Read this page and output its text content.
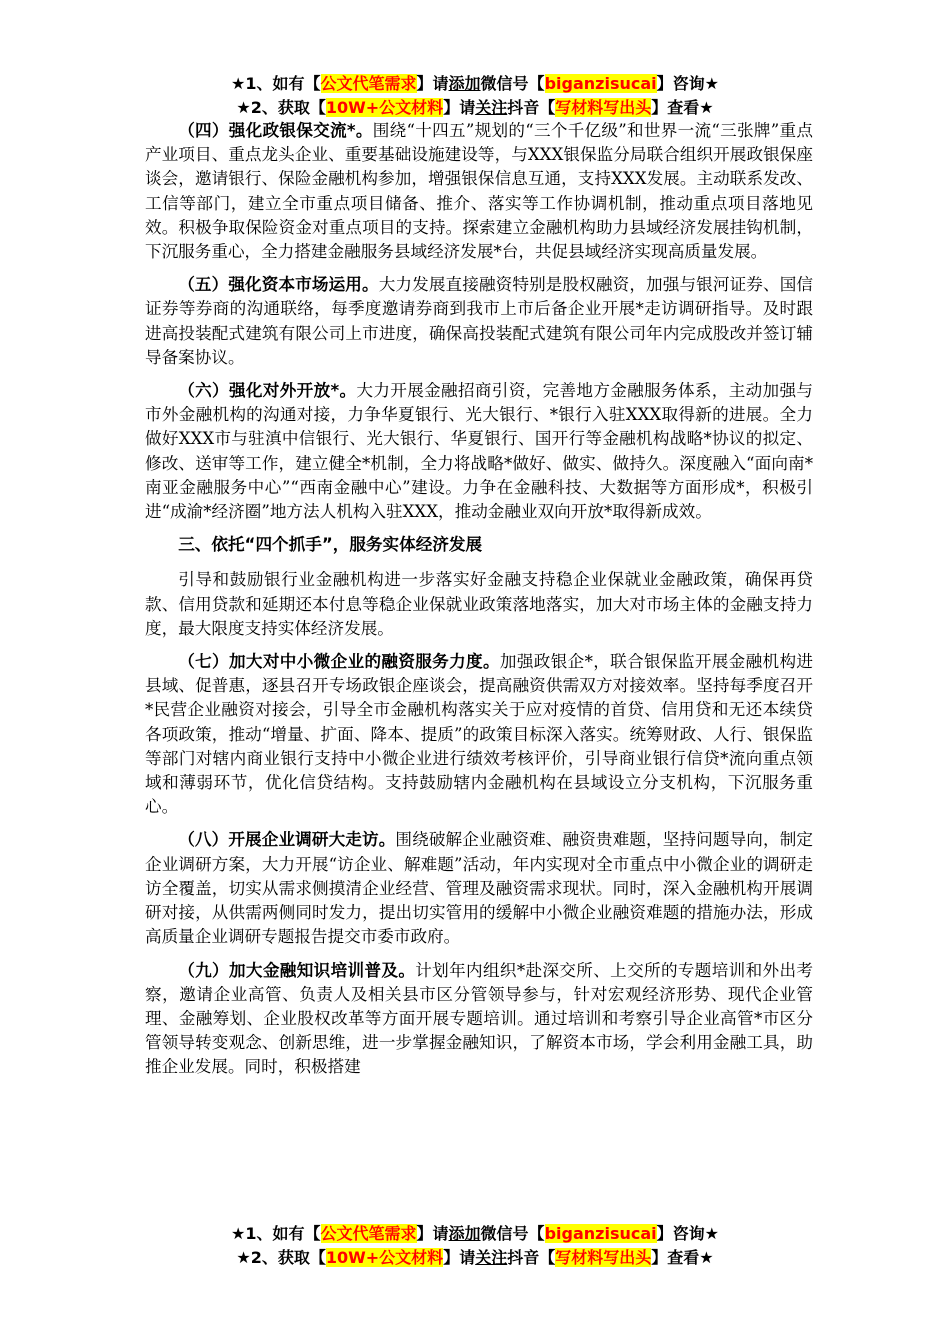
★1、如有【公文代笔需求】请添加微信号【biganzisucai】咨询★
★2、获取【10W+公文材料】请关注抖音【写材料写出头】查看★

（四）强化政银保交流*。围绕“十四五”规划的“三个千亿级”和世界一流“三张牌”重点产业项目、重点龙头企业、重要基础设施建设等，与XXX银保监分局联合组织开展政银保座谈会，邀请银行、保险金融机构参加，增强银保信息互通，支持XXX发展。主动联系发改、工信等部门，建立全市重点项目储备、推介、落实等工作协调机制，推动重点项目落地见效。积极争取保险资金对重点项目的支持。探索建立金融机构助力县域经济发展挂钩机制，下沉服务重心，全力搭建金融服务县域经济发展*台，共促县域经济实现高质量发展。

（五）强化资本市场运用。大力发展直接融资特别是股权融资，加强与银河证券、国信证券等券商的沟通联络，每季度邀请券商到我市上市后备企业开展*走访调研指导。及时跟进高投装配式建筑有限公司上市进度，确保高投装配式建筑有限公司年内完成股改并签订辅导备案协议。

（六）强化对外开放*。大力开展金融招商引资，完善地方金融服务体系，主动加强与市外金融机构的沟通对接，力争华夏银行、光大银行、*银行入驻XXX取得新的进展。全力做好XXX市与驻滇中信银行、光大银行、华夏银行、国开行等金融机构战略*协议的拟定、修改、送审等工作，建立健全*机制，全力将战略*做好、做实、做持久。深度融入“面向南*南亚金融服务中心”“西南金融中心”建设。力争在金融科技、大数据等方面形成*，积极引进“成渝*经济圈”地方法人机构入驻XXX，推动金融业双向开放*取得新成效。

三、依托“四个抓手”，服务实体经济发展

引导和鼓励银行业金融机构进一步落实好金融支持稳企业保就业金融政策，确保再贷款、信用贷款和延期还本付息等稳企业保就业政策落地落实，加大对市场主体的金融支持力度，最大限度支持实体经济发展。

（七）加大对中小微企业的融资服务力度。加强政银企*，联合银保监开展金融机构进县域、促普惠，逐县召开专场政银企座谈会，提高融资供需双方对接效率。坚持每季度召开*民营企业融资对接会，引导全市金融机构落实关于应对疫情的首贷、信用贷和无还本续贷各项政策，推动“增量、扩面、降本、提质”的政策目标深入落实。统筹财政、人行、银保监等部门对辖内商业银行支持中小微企业进行绩效考核评价，引导商业银行信贷*流向重点领域和薄弱环节，优化信贷结构。支持鼓励辖内金融机构在县域设立分支机构，下沉服务重心。

（八）开展企业调研大走访。围绕破解企业融资难、融资贵难题，坚持问题导向，制定企业调研方案，大力开展“访企业、解难题”活动，年内实现对全市重点中小微企业的调研走访全覆盖，切实从需求侧摸清企业经营、管理及融资需求现状。同时，深入金融机构开展调研对接，从供需两侧同时发力，提出切实管用的缓解中小微企业融资难题的措施办法，形成高质量企业调研专题报告提交市委市政府。

（九）加大金融知识培训普及。计划年内组织*赴深交所、上交所的专题培训和外出考察，邀请企业高管、负责人及相关县市区分管领导参与，针对宏观经济形势、现代企业管理、金融筹划、企业股权改革等方面开展专题培训。通过培训和考察引导企业高管*市区分管领导转变观念、创新思维，进一步掌握金融知识，了解资本市场，学会利用金融工具，助推企业发展。同时，积极搭建

★1、如有【公文代笔需求】请添加微信号【biganzisucai】咨询★
★2、获取【10W+公文材料】请关注抖音【写材料写出头】查看★
